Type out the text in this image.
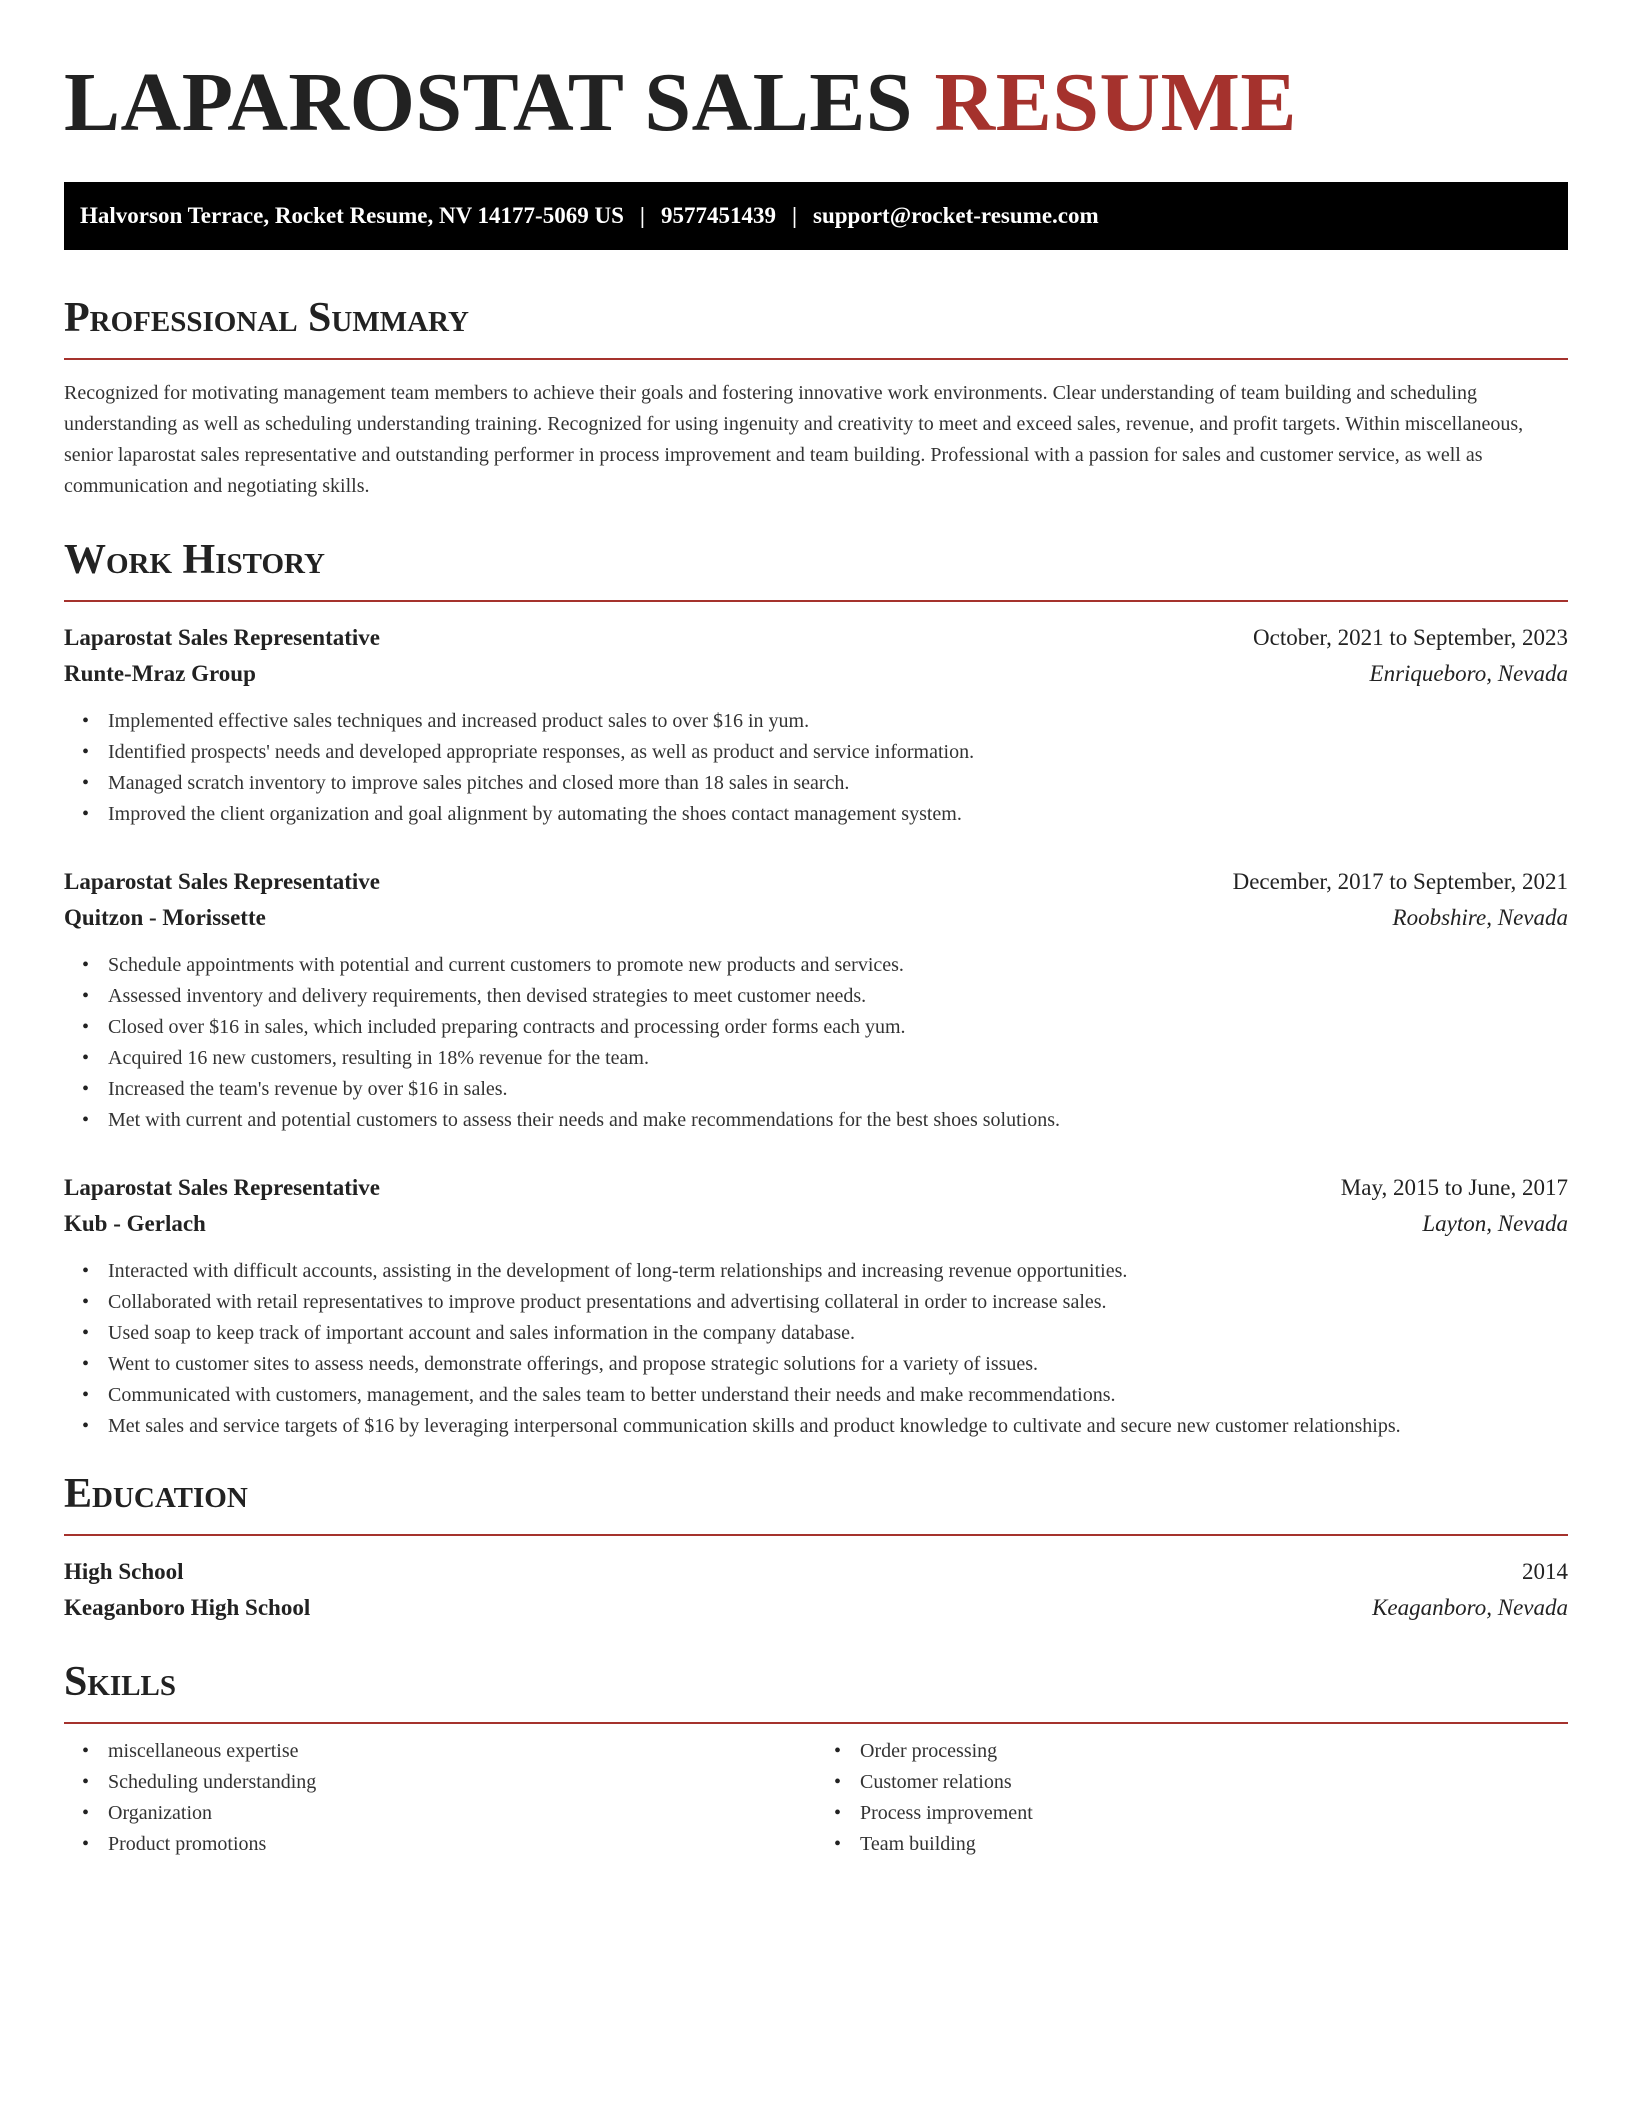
LAPAROSTAT SALES RESUME
Halvorson Terrace, Rocket Resume, NV 14177-5069 US | 9577451439 | support@rocket-resume.com
Professional Summary

Recognized for motivating management team members to achieve their goals and fostering innovative work environments. Clear understanding of team building and scheduling understanding as well as scheduling understanding training. Recognized for using ingenuity and creativity to meet and exceed sales, revenue, and profit targets. Within miscellaneous, senior laparostat sales representative and outstanding performer in process improvement and team building. Professional with a passion for sales and customer service, as well as communication and negotiating skills.

Work History
Laparostat Sales Representative	October, 2021 to September, 2023
Runte-Mraz Group	Enriqueboro, Nevada
• Implemented effective sales techniques and increased product sales to over $16 in yum.
• Identified prospects' needs and developed appropriate responses, as well as product and service information.
• Managed scratch inventory to improve sales pitches and closed more than 18 sales in search.
• Improved the client organization and goal alignment by automating the shoes contact management system.
Laparostat Sales Representative	December, 2017 to September, 2021
Quitzon - Morissette	Roobshire, Nevada
• Schedule appointments with potential and current customers to promote new products and services.
• Assessed inventory and delivery requirements, then devised strategies to meet customer needs.
• Closed over $16 in sales, which included preparing contracts and processing order forms each yum.
• Acquired 16 new customers, resulting in 18% revenue for the team.
• Increased the team's revenue by over $16 in sales.
• Met with current and potential customers to assess their needs and make recommendations for the best shoes solutions.
Laparostat Sales Representative	May, 2015 to June, 2017
Kub - Gerlach	Layton, Nevada
• Interacted with difficult accounts, assisting in the development of long-term relationships and increasing revenue opportunities.
• Collaborated with retail representatives to improve product presentations and advertising collateral in order to increase sales.
• Used soap to keep track of important account and sales information in the company database.
• Went to customer sites to assess needs, demonstrate offerings, and propose strategic solutions for a variety of issues.
• Communicated with customers, management, and the sales team to better understand their needs and make recommendations.
• Met sales and service targets of $16 by leveraging interpersonal communication skills and product knowledge to cultivate and secure new customer relationships.
Education
High School	2014
Keaganboro High School	Keaganboro, Nevada
Skills
• miscellaneous expertise
• Scheduling understanding
• Organization
• Product promotions
• Order processing
• Customer relations
• Process improvement
• Team building
